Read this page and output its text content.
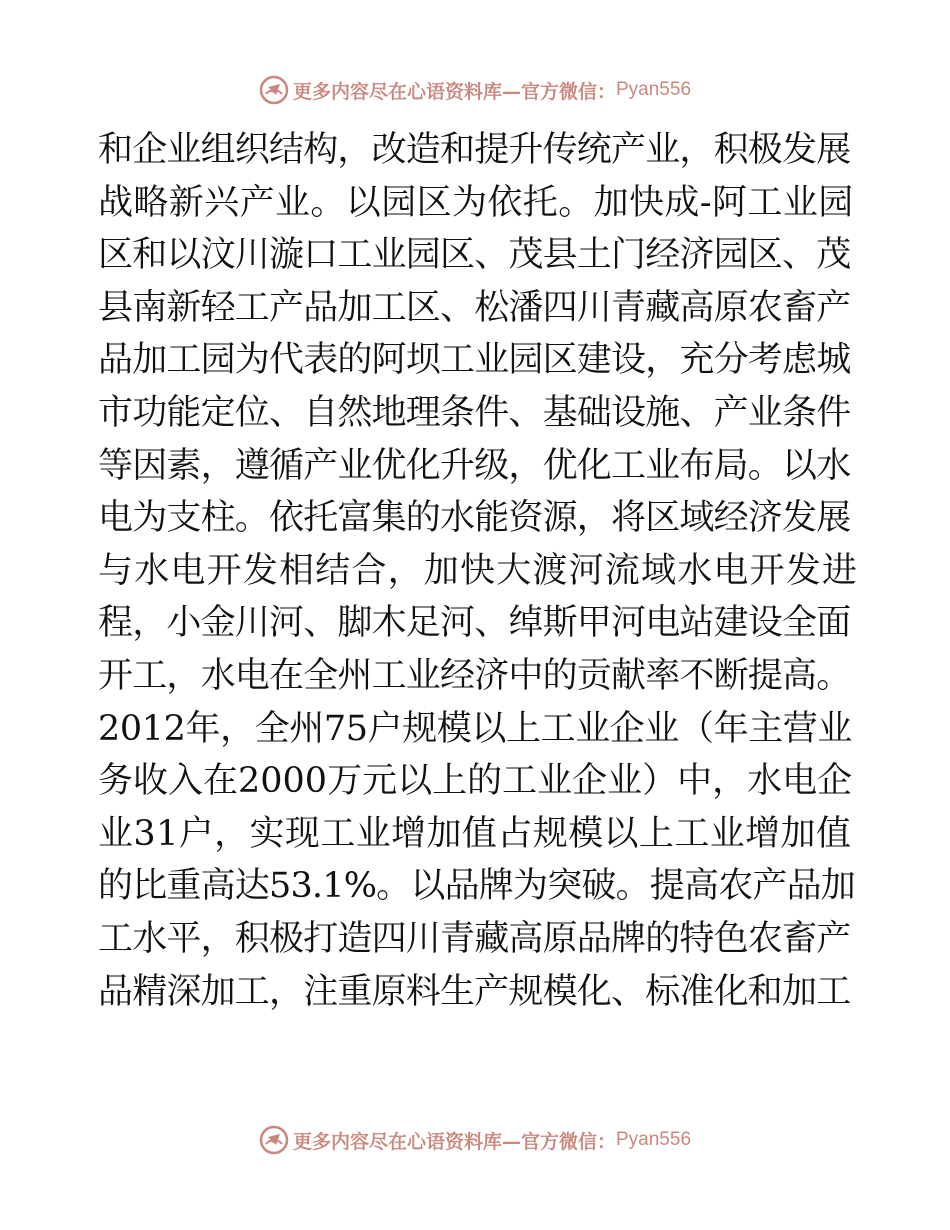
更多内容尽在心语资料库—官方微信： Pyan556
和企业组织结构，改造和提升传统产业，积极发展
战略新兴产业。以园区为依托。加快成-阿工业园
区和以汶川漩口工业园区、茂县土门经济园区、茂
县南新轻工产品加工区、松潘四川青藏高原农畜产
品加工园为代表的阿坝工业园区建设，充分考虑城
市功能定位、自然地理条件、基础设施、产业条件
等因素，遵循产业优化升级，优化工业布局。以水
电为支柱。依托富集的水能资源，将区域经济发展
与水电开发相结合，加快大渡河流域水电开发进
程，小金川河、脚木足河、绰斯甲河电站建设全面
开工，水电在全州工业经济中的贡献率不断提高。
2012年，全州75户规模以上工业企业（年主营业
务收入在2000万元以上的工业企业）中，水电企
业31户，实现工业增加值占规模以上工业增加值
的比重高达53.1%。以品牌为突破。提高农产品加
工水平，积极打造四川青藏高原品牌的特色农畜产
品精深加工，注重原料生产规模化、标准化和加工
更多内容尽在心语资料库—官方微信： Pyan556
